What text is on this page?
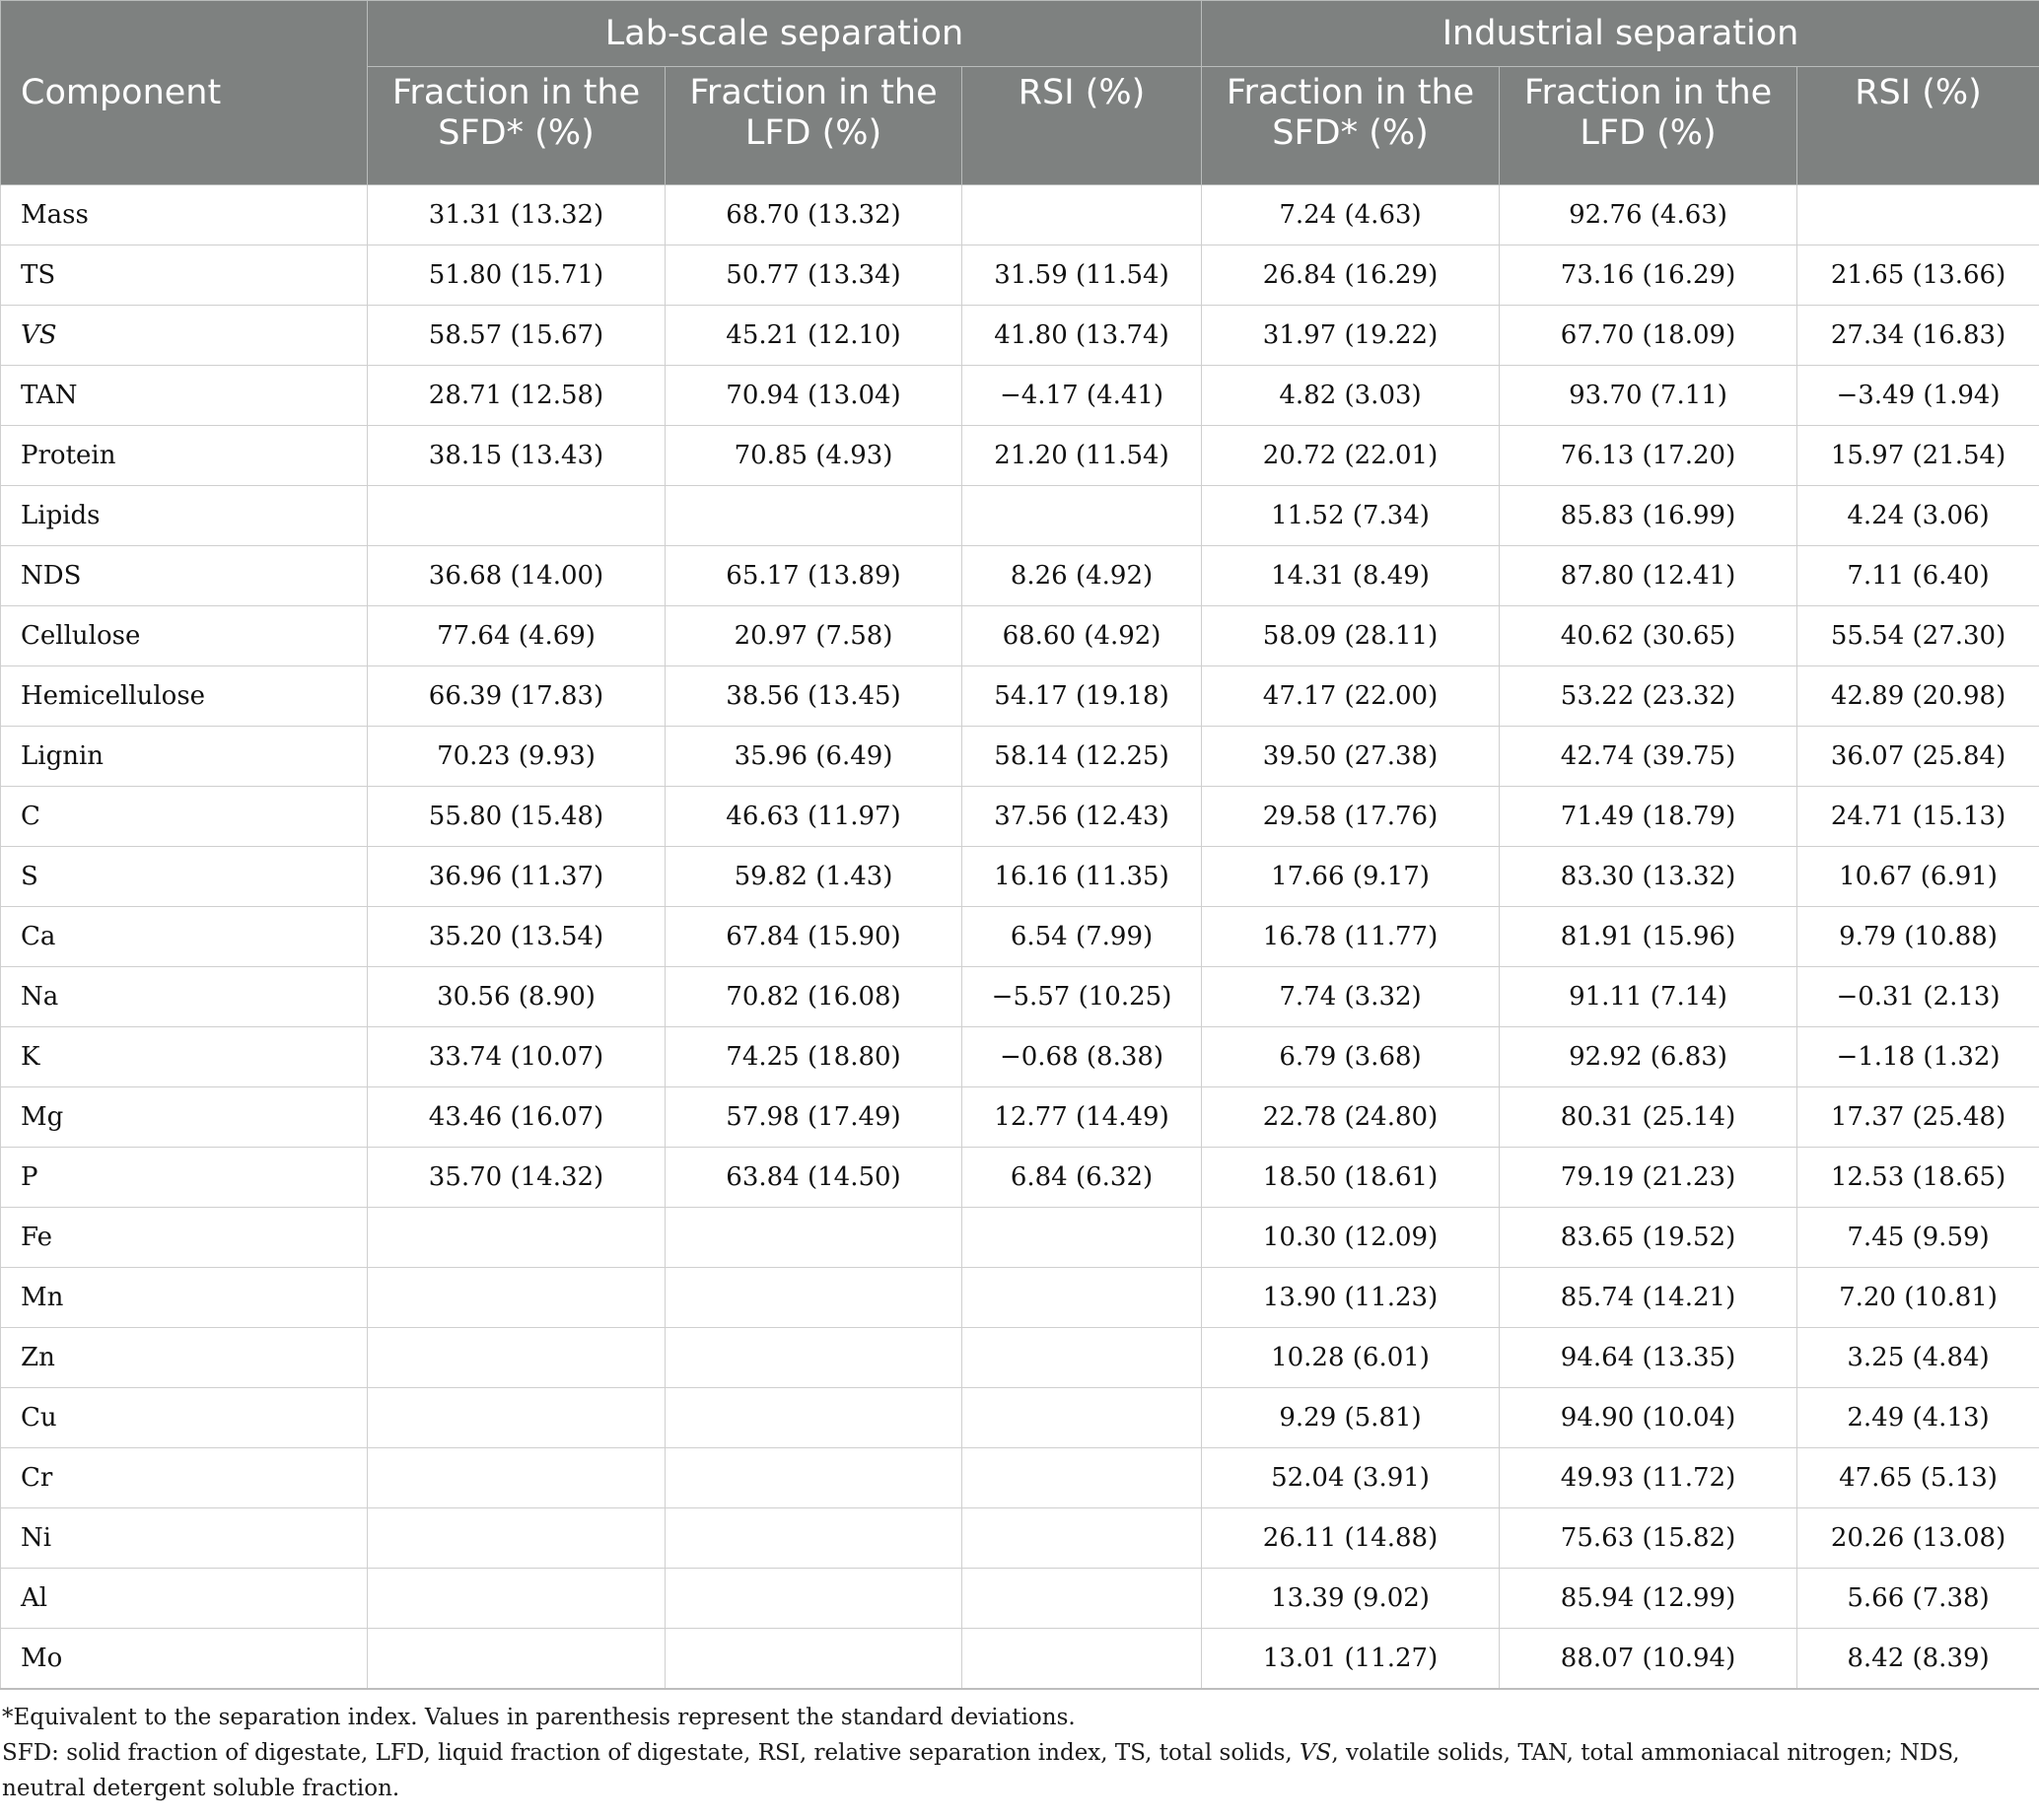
Component	Lab-scale separation			Industrial separation		
	Fraction in the SFD* (%)	Fraction in the LFD (%)	RSI (%)	Fraction in the SFD* (%)	Fraction in the LFD (%)	RSI (%)
Mass	31.31 (13.32)	68.70 (13.32)		7.24 (4.63)	92.76 (4.63)	
TS	51.80 (15.71)	50.77 (13.34)	31.59 (11.54)	26.84 (16.29)	73.16 (16.29)	21.65 (13.66)
VS	58.57 (15.67)	45.21 (12.10)	41.80 (13.74)	31.97 (19.22)	67.70 (18.09)	27.34 (16.83)
TAN	28.71 (12.58)	70.94 (13.04)	−4.17 (4.41)	4.82 (3.03)	93.70 (7.11)	−3.49 (1.94)
Protein	38.15 (13.43)	70.85 (4.93)	21.20 (11.54)	20.72 (22.01)	76.13 (17.20)	15.97 (21.54)
Lipids				11.52 (7.34)	85.83 (16.99)	4.24 (3.06)
NDS	36.68 (14.00)	65.17 (13.89)	8.26 (4.92)	14.31 (8.49)	87.80 (12.41)	7.11 (6.40)
Cellulose	77.64 (4.69)	20.97 (7.58)	68.60 (4.92)	58.09 (28.11)	40.62 (30.65)	55.54 (27.30)
Hemicellulose	66.39 (17.83)	38.56 (13.45)	54.17 (19.18)	47.17 (22.00)	53.22 (23.32)	42.89 (20.98)
Lignin	70.23 (9.93)	35.96 (6.49)	58.14 (12.25)	39.50 (27.38)	42.74 (39.75)	36.07 (25.84)
C	55.80 (15.48)	46.63 (11.97)	37.56 (12.43)	29.58 (17.76)	71.49 (18.79)	24.71 (15.13)
S	36.96 (11.37)	59.82 (1.43)	16.16 (11.35)	17.66 (9.17)	83.30 (13.32)	10.67 (6.91)
Ca	35.20 (13.54)	67.84 (15.90)	6.54 (7.99)	16.78 (11.77)	81.91 (15.96)	9.79 (10.88)
Na	30.56 (8.90)	70.82 (16.08)	−5.57 (10.25)	7.74 (3.32)	91.11 (7.14)	−0.31 (2.13)
K	33.74 (10.07)	74.25 (18.80)	−0.68 (8.38)	6.79 (3.68)	92.92 (6.83)	−1.18 (1.32)
Mg	43.46 (16.07)	57.98 (17.49)	12.77 (14.49)	22.78 (24.80)	80.31 (25.14)	17.37 (25.48)
P	35.70 (14.32)	63.84 (14.50)	6.84 (6.32)	18.50 (18.61)	79.19 (21.23)	12.53 (18.65)
Fe				10.30 (12.09)	83.65 (19.52)	7.45 (9.59)
Mn				13.90 (11.23)	85.74 (14.21)	7.20 (10.81)
Zn				10.28 (6.01)	94.64 (13.35)	3.25 (4.84)
Cu				9.29 (5.81)	94.90 (10.04)	2.49 (4.13)
Cr				52.04 (3.91)	49.93 (11.72)	47.65 (5.13)
Ni				26.11 (14.88)	75.63 (15.82)	20.26 (13.08)
Al				13.39 (9.02)	85.94 (12.99)	5.66 (7.38)
Mo				13.01 (11.27)	88.07 (10.94)	8.42 (8.39)

*Equivalent to the separation index. Values in parenthesis represent the standard deviations.

SFD: solid fraction of digestate, LFD, liquid fraction of digestate, RSI, relative separation index, TS, total solids, VS, volatile solids, TAN, total ammoniacal nitrogen; NDS, neutral detergent soluble fraction.
